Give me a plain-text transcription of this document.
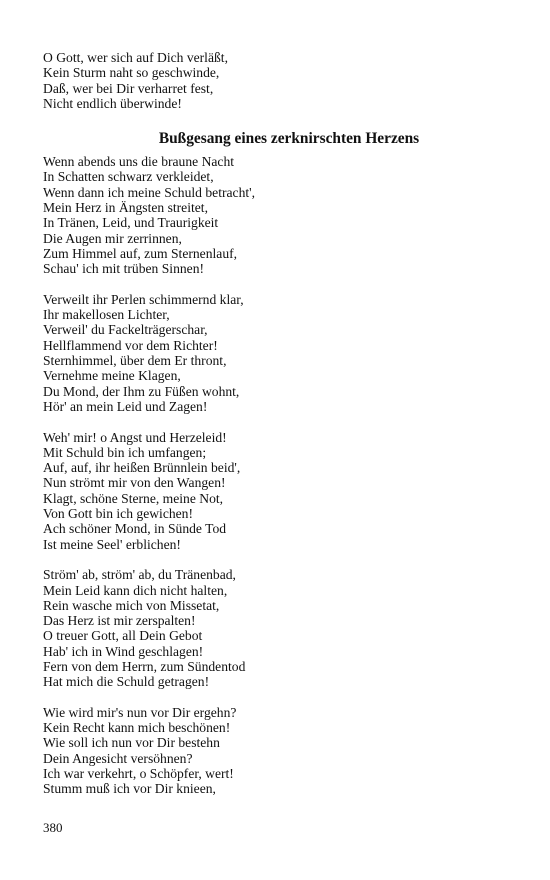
O Gott, wer sich auf Dich verläßt,
Kein Sturm naht so geschwinde,
Daß, wer bei Dir verharret fest,
Nicht endlich überwinde!
Bußgesang eines zerknirschten Herzens
Wenn abends uns die braune Nacht
In Schatten schwarz verkleidet,
Wenn dann ich meine Schuld betracht',
Mein Herz in Ängsten streitet,
In Tränen, Leid, und Traurigkeit
Die Augen mir zerrinnen,
Zum Himmel auf, zum Sternenlauf,
Schau' ich mit trüben Sinnen!
Verweilt ihr Perlen schimmernd klar,
Ihr makellosen Lichter,
Verweil' du Fackelträgerschar,
Hellflammend vor dem Richter!
Sternhimmel, über dem Er thront,
Vernehme meine Klagen,
Du Mond, der Ihm zu Füßen wohnt,
Hör' an mein Leid und Zagen!
Weh' mir! o Angst und Herzeleid!
Mit Schuld bin ich umfangen;
Auf, auf, ihr heißen Brünnlein beid',
Nun strömt mir von den Wangen!
Klagt, schöne Sterne, meine Not,
Von Gott bin ich gewichen!
Ach schöner Mond, in Sünde Tod
Ist meine Seel' erblichen!
Ström' ab, ström' ab, du Tränenbad,
Mein Leid kann dich nicht halten,
Rein wasche mich von Missetat,
Das Herz ist mir zerspalten!
O treuer Gott, all Dein Gebot
Hab' ich in Wind geschlagen!
Fern von dem Herrn, zum Sündentod
Hat mich die Schuld getragen!
Wie wird mir's nun vor Dir ergehn?
Kein Recht kann mich beschönen!
Wie soll ich nun vor Dir bestehn
Dein Angesicht versöhnen?
Ich war verkehrt, o Schöpfer, wert!
Stumm muß ich vor Dir knieen,
380
